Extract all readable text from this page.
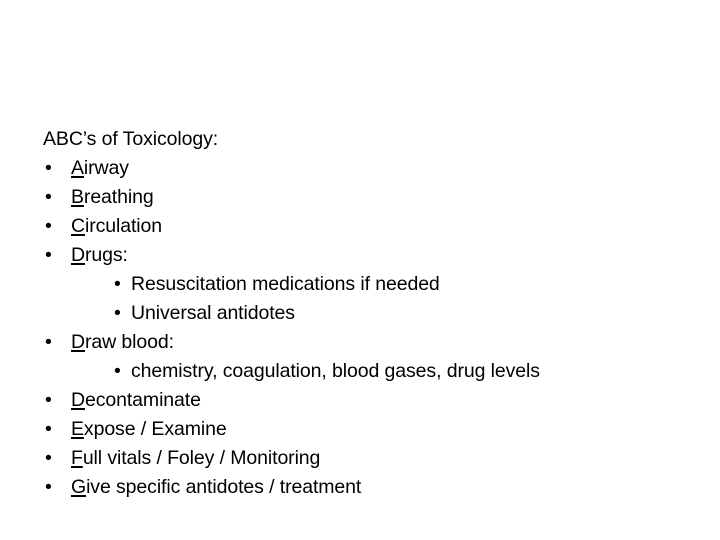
ABC’s of Toxicology:

• Airway
• Breathing
• Circulation
• Drugs:
• Resuscitation medications if needed
• Universal antidotes
• Draw blood:
• chemistry, coagulation, blood gases, drug levels
• Decontaminate
• Expose / Examine
• Full vitals / Foley / Monitoring
• Give specific antidotes / treatment
